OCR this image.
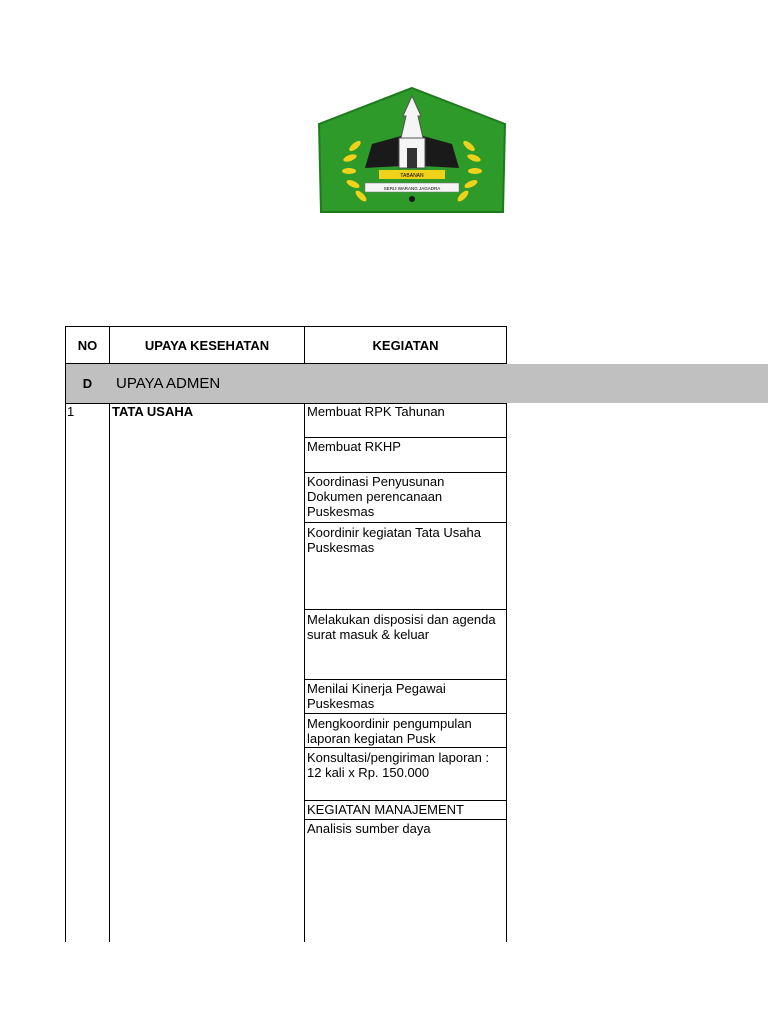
TABANAN
SERIJ WARANG JAGADRA
NO	UPAYA KESEHATAN	KEGIATAN
D	UPAYA ADMEN
1	TATA USAHA	Membuat RPK Tahunan
Membuat RKHP
Koordinasi Penyusunan Dokumen perencanaan Puskesmas
Koordinir kegiatan Tata Usaha Puskesmas
Melakukan disposisi dan agenda surat masuk & keluar
Menilai Kinerja Pegawai Puskesmas
Mengkoordinir pengumpulan laporan kegiatan Pusk
Konsultasi/pengiriman laporan : 12 kali x Rp. 150.000
KEGIATAN MANAJEMENT
Analisis sumber daya
